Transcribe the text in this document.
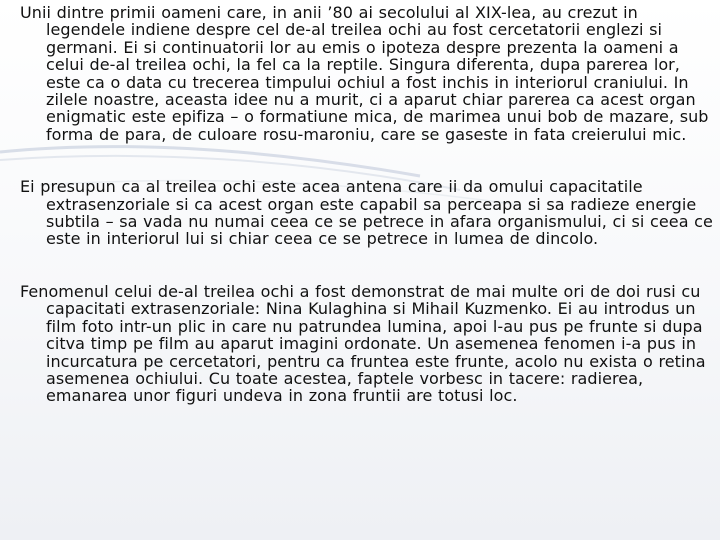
Unii dintre primii oameni care, in anii ’80 ai secolului al XIX-lea, au crezut in legendele indiene despre cel de-al treilea ochi au fost cercetatorii englezi si germani. Ei si continuatorii lor au emis o ipoteza despre prezenta la oameni a celui de-al treilea ochi, la fel ca la reptile. Singura diferenta, dupa parerea lor, este ca o data cu trecerea timpului ochiul a fost inchis in interiorul craniului. In zilele noastre, aceasta idee nu a murit, ci a aparut chiar parerea ca acest organ enigmatic este epifiza – o formatiune mica, de marimea unui bob de mazare, sub forma de para, de culoare rosu-maroniu, care se gaseste in fata creierului mic.

Ei presupun ca al treilea ochi este acea antena care ii da omului capacitatile extrasenzoriale si ca acest organ este capabil sa perceapa si sa radieze energie subtila – sa vada nu numai ceea ce se petrece in afara organismului, ci si ceea ce este in interiorul lui si chiar ceea ce se petrece in lumea de dincolo.

Fenomenul celui de-al treilea ochi a fost demonstrat de mai multe ori de doi rusi cu capacitati extrasenzoriale: Nina Kulaghina si Mihail Kuzmenko. Ei au introdus un film foto intr-un plic in care nu patrundea lumina, apoi l-au pus pe frunte si dupa citva timp pe film au aparut imagini ordonate. Un asemenea fenomen i-a pus in incurcatura pe cercetatori, pentru ca fruntea este frunte, acolo nu exista o retina asemenea ochiului. Cu toate acestea, faptele vorbesc in tacere: radierea, emanarea unor figuri undeva in zona fruntii are totusi loc.
